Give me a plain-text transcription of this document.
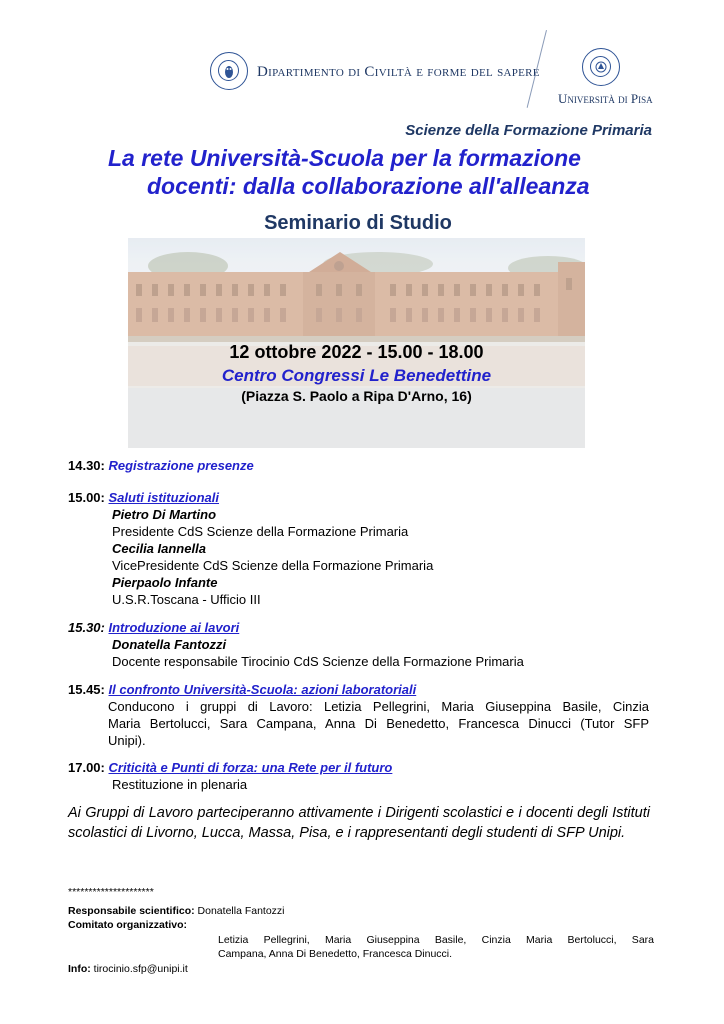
Dipartimento di Civiltà e forme del sapere
Università di Pisa
Scienze della Formazione Primaria
La rete Università-Scuola per la formazione
docenti: dalla collaborazione all'alleanza
Seminario di Studio
12 ottobre 2022 - 15.00 - 18.00
Centro Congressi Le Benedettine
(Piazza S. Paolo a Ripa D'Arno, 16)
14.30: Registrazione presenze
15.00: Saluti istituzionali
Pietro Di Martino
Presidente CdS Scienze della Formazione Primaria
Cecilia Iannella
VicePresidente CdS Scienze della Formazione Primaria
Pierpaolo Infante
U.S.R.Toscana - Ufficio III
15.30: Introduzione ai lavori
Donatella Fantozzi
Docente responsabile Tirocinio CdS Scienze della Formazione Primaria
15.45: Il confronto Università-Scuola: azioni laboratoriali
Conducono i gruppi di Lavoro: Letizia Pellegrini, Maria Giuseppina Basile, Cinzia
Maria Bertolucci, Sara Campana, Anna Di Benedetto, Francesca Dinucci (Tutor SFP
Unipi).
17.00: Criticità e Punti di forza: una Rete per il futuro
Restituzione in plenaria
Ai Gruppi di Lavoro parteciperanno attivamente i Dirigenti scolastici e i docenti degli Istituti scolastici di Livorno, Lucca, Massa, Pisa, e i rappresentanti degli studenti di SFP Unipi.
*********************
Responsabile scientifico: Donatella Fantozzi
Comitato organizzativo:
Letizia Pellegrini, Maria Giuseppina Basile, Cinzia Maria Bertolucci, Sara
Campana, Anna Di Benedetto, Francesca Dinucci.
Info: tirocinio.sfp@unipi.it
